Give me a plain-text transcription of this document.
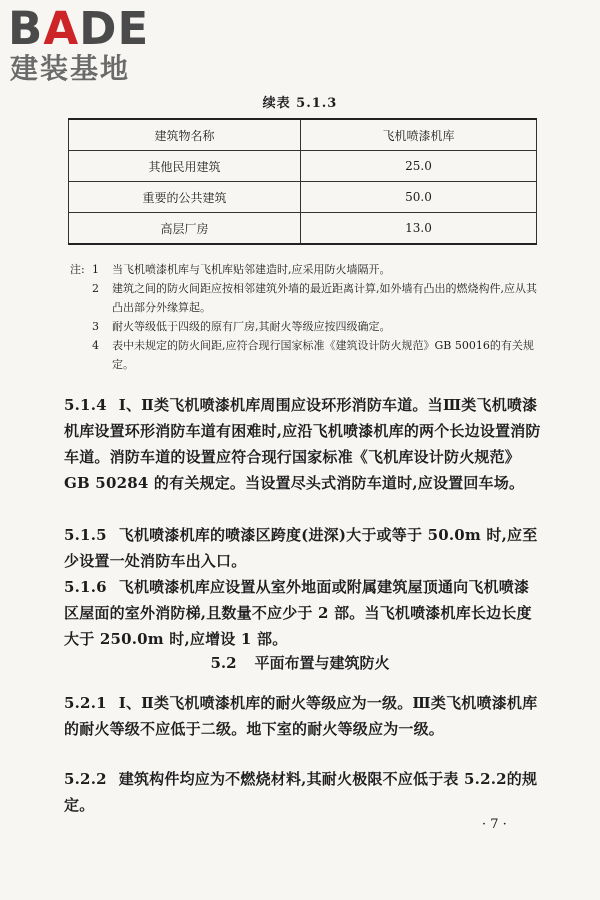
BADE
建装基地
续表 5.1.3
建筑物名称	飞机喷漆机库
其他民用建筑	25.0
重要的公共建筑	50.0
高层厂房	13.0
注: 1 当飞机喷漆机库与飞机库贴邻建造时,应采用防火墙隔开。
2 建筑之间的防火间距应按相邻建筑外墙的最近距离计算,如外墙有凸出的燃烧构件,应从其凸出部分外缘算起。
3 耐火等级低于四级的原有厂房,其耐火等级应按四级确定。
4 表中未规定的防火间距,应符合现行国家标准《建筑设计防火规范》GB 50016的有关规定。
5.1.4 Ⅰ、Ⅱ类飞机喷漆机库周围应设环形消防车道。当Ⅲ类飞机喷漆机库设置环形消防车道有困难时,应沿飞机喷漆机库的两个长边设置消防车道。消防车道的设置应符合现行国家标准《飞机库设计防火规范》GB 50284 的有关规定。当设置尽头式消防车道时,应设置回车场。
5.1.5 飞机喷漆机库的喷漆区跨度(进深)大于或等于 50.0m 时,应至少设置一处消防车出入口。
5.1.6 飞机喷漆机库应设置从室外地面或附属建筑屋顶通向飞机喷漆区屋面的室外消防梯,且数量不应少于 2 部。当飞机喷漆机库长边长度大于 250.0m 时,应增设 1 部。
5.2 平面布置与建筑防火
5.2.1 Ⅰ、Ⅱ类飞机喷漆机库的耐火等级应为一级。Ⅲ类飞机喷漆机库的耐火等级不应低于二级。地下室的耐火等级应为一级。
5.2.2 建筑构件均应为不燃烧材料,其耐火极限不应低于表 5.2.2的规定。
· 7 ·
